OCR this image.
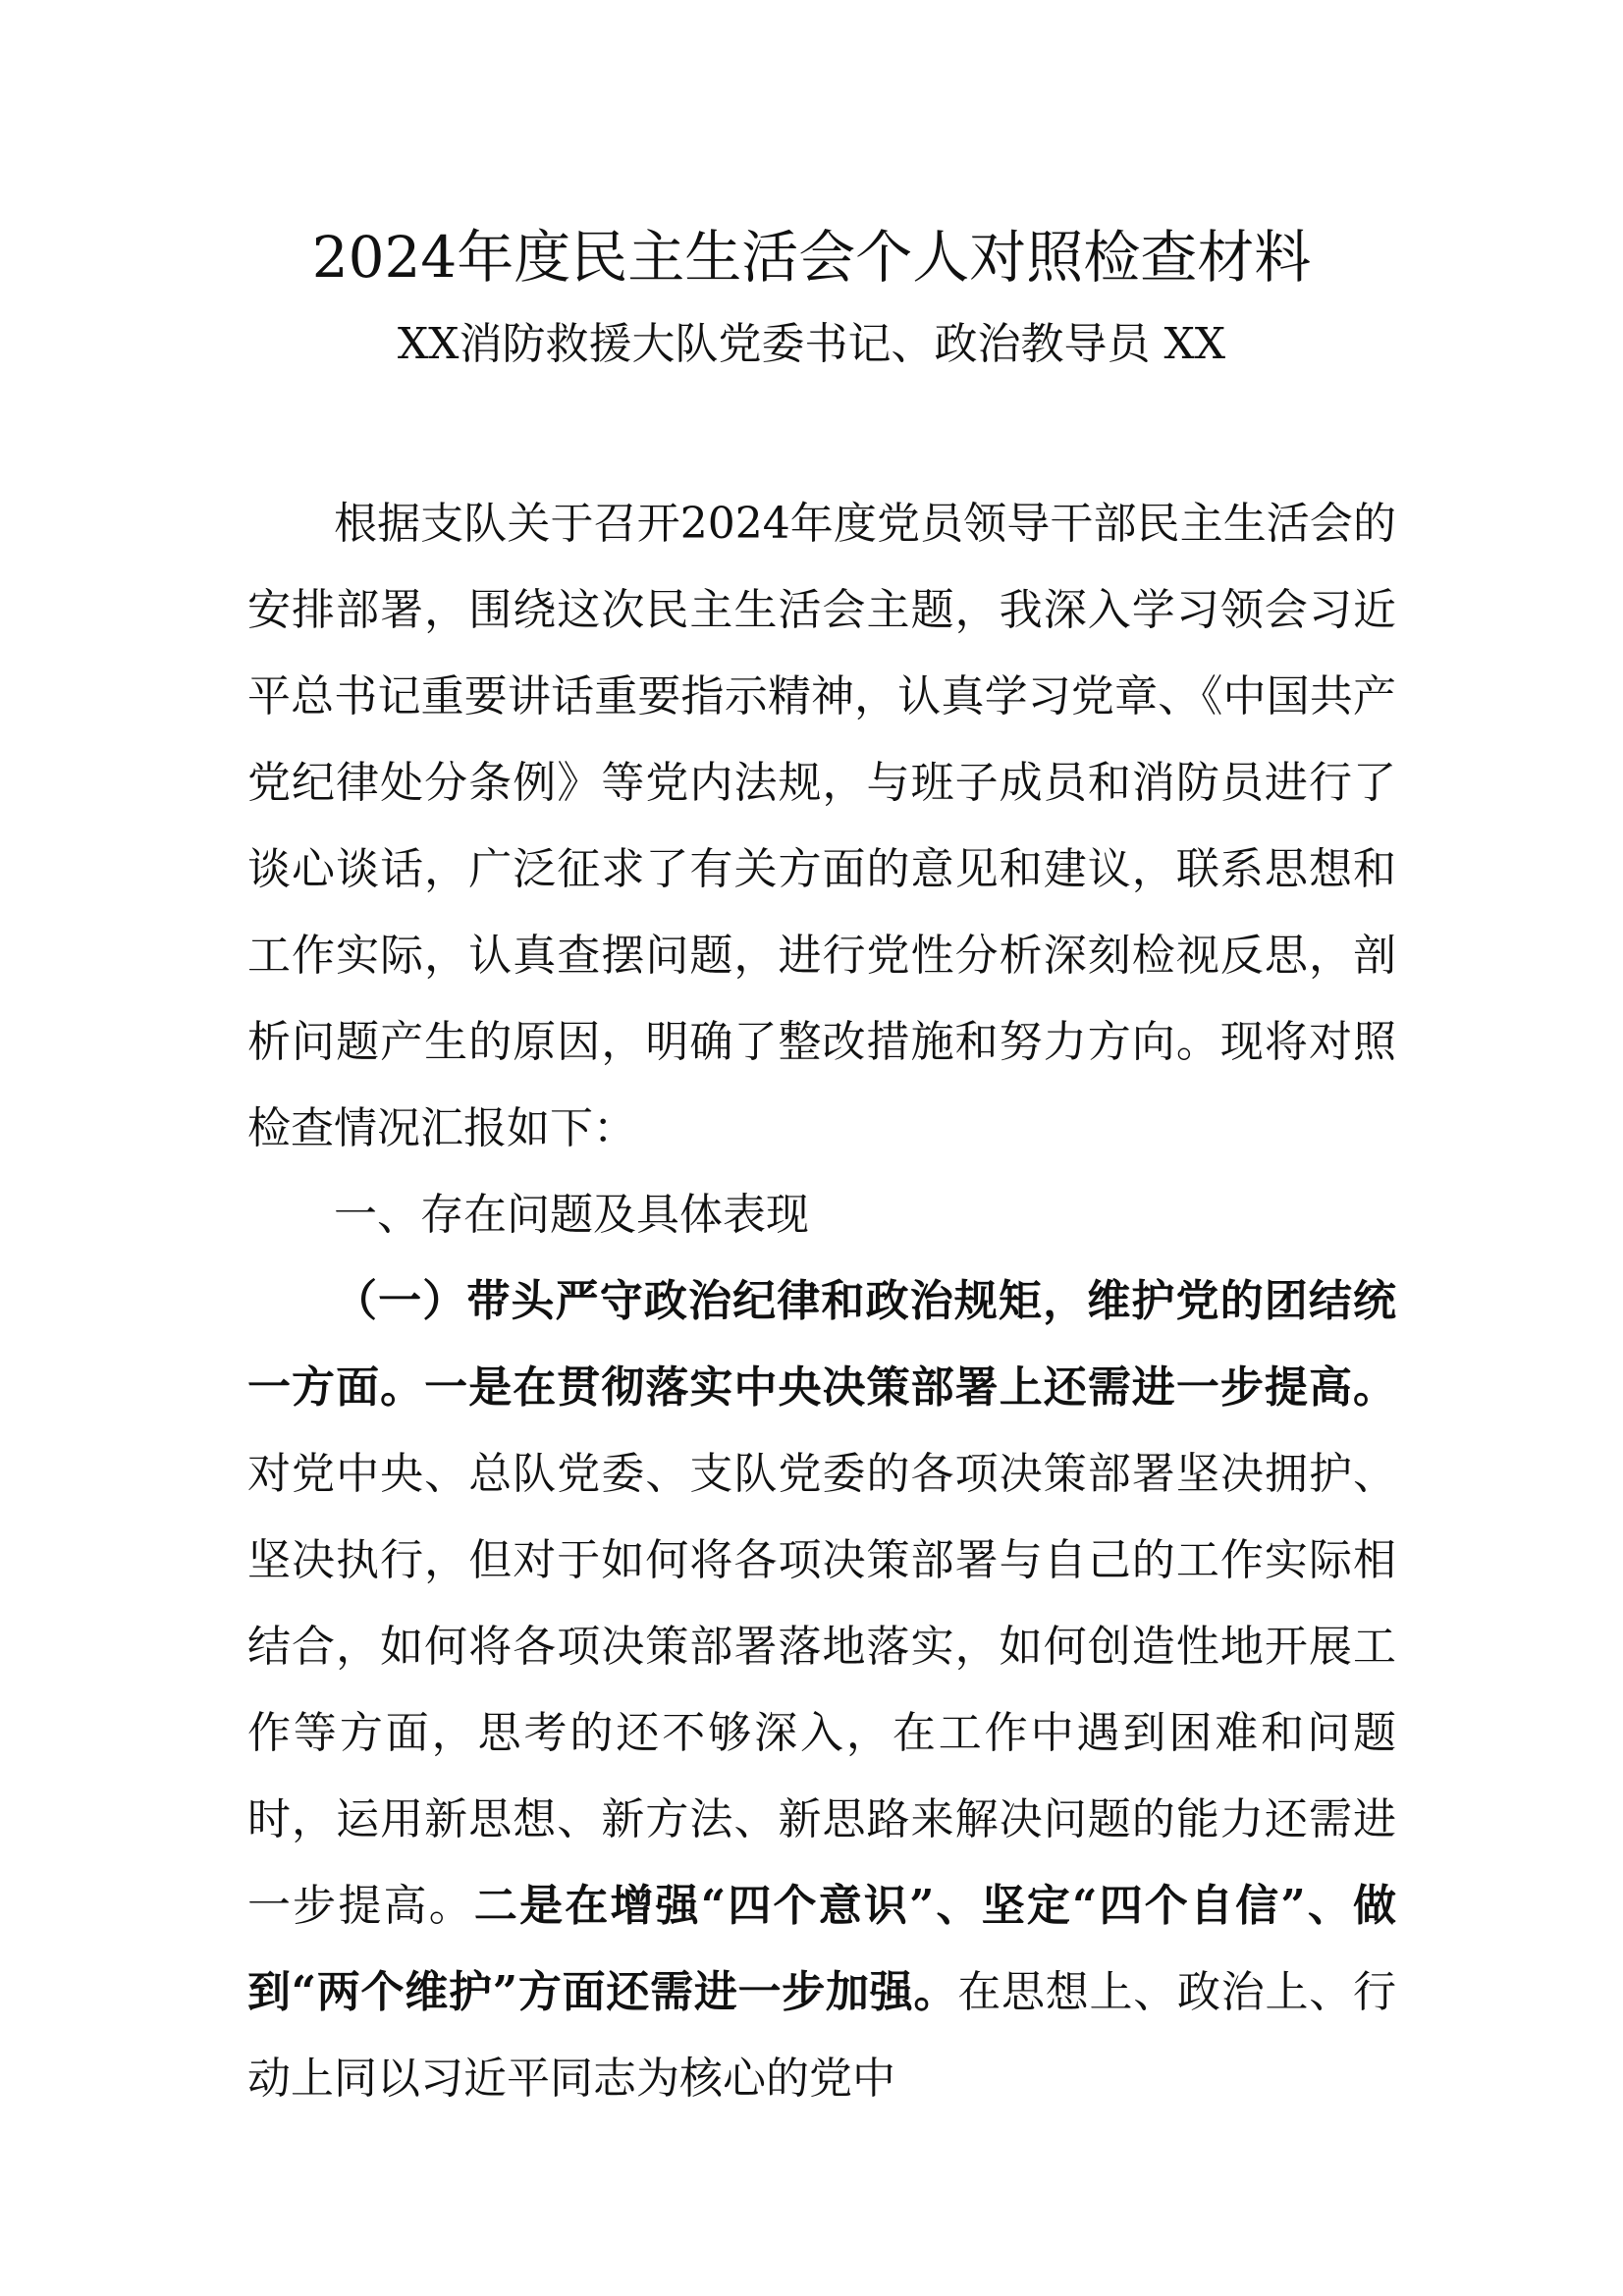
2024年度民主生活会个人对照检查材料
XX消防救援大队党委书记、政治教导员 XX

根据支队关于召开2024年度党员领导干部民主生活会的安排部署，围绕这次民主生活会主题，我深入学习领会习近平总书记重要讲话重要指示精神，认真学习党章、《中国共产党纪律处分条例》等党内法规，与班子成员和消防员进行了谈心谈话，广泛征求了有关方面的意见和建议，联系思想和工作实际，认真查摆问题，进行党性分析深刻检视反思，剖析问题产生的原因，明确了整改措施和努力方向。现将对照检查情况汇报如下：

一、存在问题及具体表现

（一）带头严守政治纪律和政治规矩，维护党的团结统一方面。一是在贯彻落实中央决策部署上还需进一步提高。对党中央、总队党委、支队党委的各项决策部署坚决拥护、坚决执行，但对于如何将各项决策部署与自己的工作实际相结合，如何将各项决策部署落地落实，如何创造性地开展工作等方面，思考的还不够深入，在工作中遇到困难和问题时，运用新思想、新方法、新思路来解决问题的能力还需进一步提高。二是在增强“四个意识”、坚定“四个自信”、做到“两个维护”方面还需进一步加强。在思想上、政治上、行动上同以习近平同志为核心的党中
